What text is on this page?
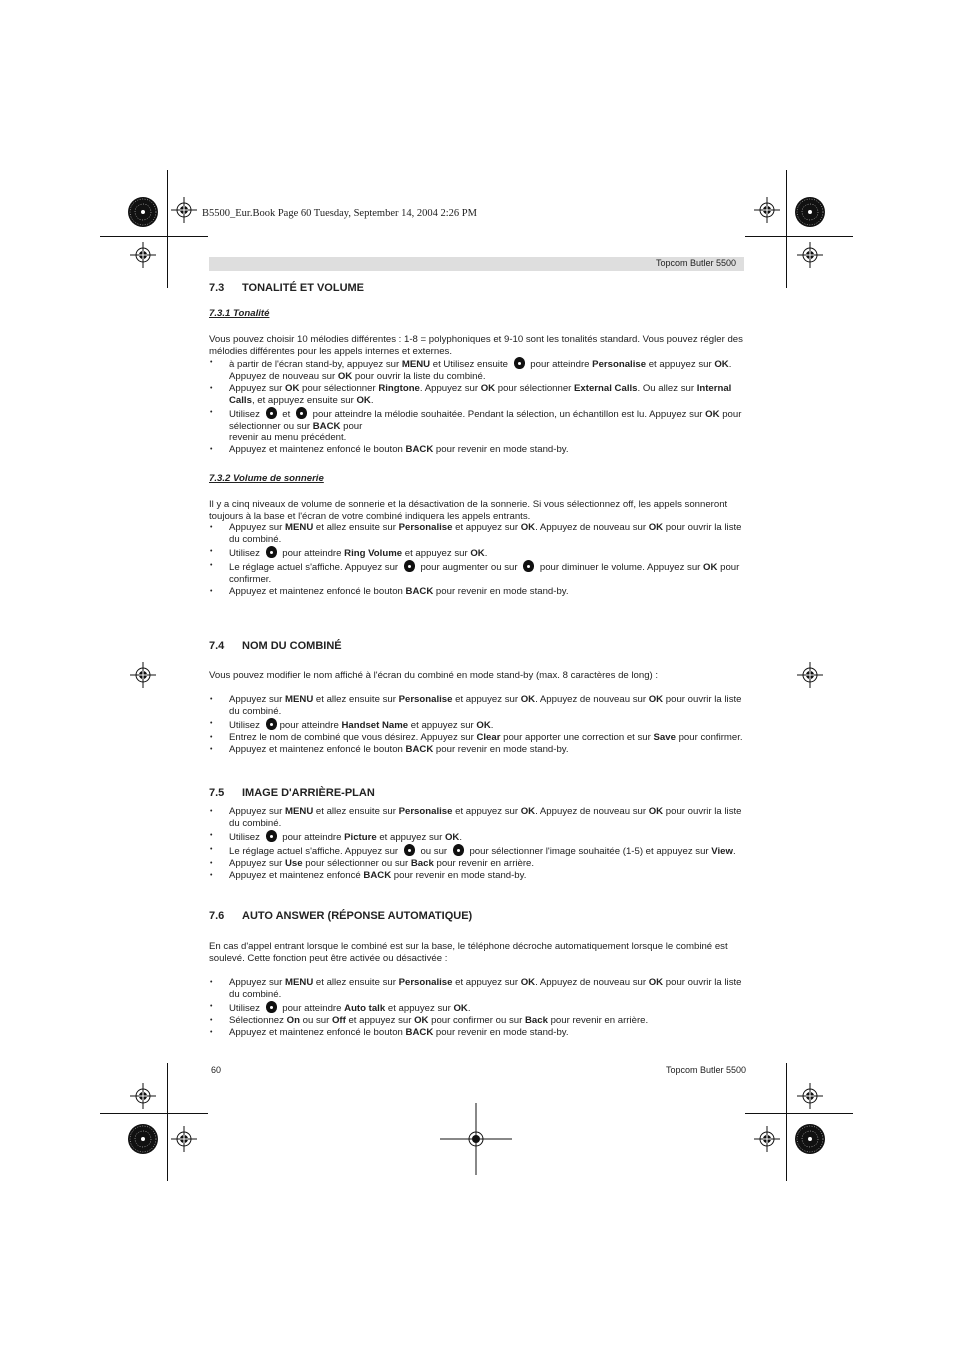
B5500_Eur.Book Page 60 Tuesday, September 14, 2004 2:26 PM
Topcom Butler 5500
7.3 TONALITÉ ET VOLUME
7.3.1 Tonalité
Vous pouvez choisir 10 mélodies différentes : 1-8 = polyphoniques et 9-10 sont les tonalités standard. Vous pouvez régler des mélodies différentes pour les appels internes et externes.
• à partir de l'écran stand-by, appuyez sur MENU et Utilisez ensuite  pour atteindre Personalise et appuyez sur OK. Appuyez de nouveau sur OK pour ouvrir la liste du combiné.
• Appuyez sur OK pour sélectionner Ringtone. Appuyez sur OK pour sélectionner External Calls. Ou allez sur Internal Calls, et appuyez ensuite sur OK.
• Utilisez  et  pour atteindre la mélodie souhaitée. Pendant la sélection, un échantillon est lu. Appuyez sur OK pour sélectionner ou sur BACK pour
revenir au menu précédent.
• Appuyez et maintenez enfoncé le bouton BACK pour revenir en mode stand-by.
7.3.2 Volume de sonnerie
Il y a cinq niveaux de volume de sonnerie et la désactivation de la sonnerie. Si vous sélectionnez off, les appels sonneront toujours à la base et l'écran de votre combiné indiquera les appels entrants.
• Appuyez sur MENU et allez ensuite sur Personalise et appuyez sur OK. Appuyez de nouveau sur OK pour ouvrir la liste du combiné.
• Utilisez  pour atteindre Ring Volume et appuyez sur OK.
• Le réglage actuel s'affiche. Appuyez sur  pour augmenter ou sur  pour diminuer le volume. Appuyez sur OK pour confirmer.
• Appuyez et maintenez enfoncé le bouton BACK pour revenir en mode stand-by.
7.4 NOM DU COMBINÉ
Vous pouvez modifier le nom affiché à l'écran du combiné en mode stand-by (max. 8 caractères de long) :
• Appuyez sur MENU et allez ensuite sur Personalise et appuyez sur OK. Appuyez de nouveau sur OK pour ouvrir la liste du combiné.
• Utilisez pour atteindre Handset Name et appuyez sur OK.
• Entrez le nom de combiné que vous désirez. Appuyez sur Clear pour apporter une correction et sur Save pour confirmer.
• Appuyez et maintenez enfoncé le bouton BACK pour revenir en mode stand-by.
7.5 IMAGE D'ARRIÈRE-PLAN
• Appuyez sur MENU et allez ensuite sur Personalise et appuyez sur OK. Appuyez de nouveau sur OK pour ouvrir la liste du combiné.
• Utilisez  pour atteindre Picture et appuyez sur OK.
• Le réglage actuel s'affiche. Appuyez sur  ou sur  pour sélectionner l'image souhaitée (1-5) et appuyez sur View.
• Appuyez sur Use pour sélectionner ou sur Back pour revenir en arrière.
• Appuyez et maintenez enfoncé BACK pour revenir en mode stand-by.
7.6 AUTO ANSWER (RÉPONSE AUTOMATIQUE)
En cas d'appel entrant lorsque le combiné est sur la base, le téléphone décroche automatiquement lorsque le combiné est soulevé. Cette fonction peut être activée ou désactivée :
• Appuyez sur MENU et allez ensuite sur Personalise et appuyez sur OK. Appuyez de nouveau sur OK pour ouvrir la liste du combiné.
• Utilisez  pour atteindre Auto talk et appuyez sur OK.
• Sélectionnez On ou sur Off et appuyez sur OK pour confirmer ou sur Back pour revenir en arrière.
• Appuyez et maintenez enfoncé le bouton BACK pour revenir en mode stand-by.
60	Topcom Butler 5500
